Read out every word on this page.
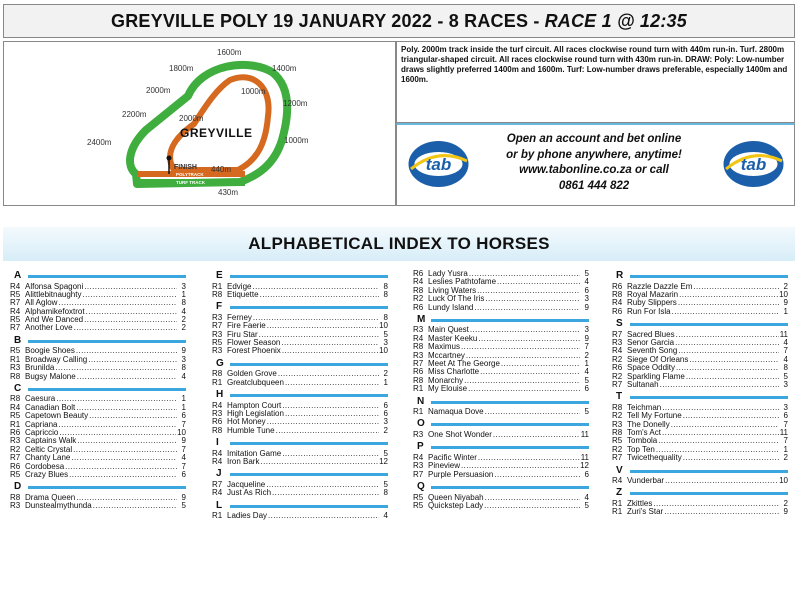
GREYVILLE POLY 19 JANUARY 2022 - 8 RACES - RACE 1 @ 12:35
1600m
1800m	1400m
2000m	1000m
1200m
2000m
2200m
1000m
2400m
GREYVILLE
FINISH 440m
POLYTRACK
TURF TRACK
430m
Poly. 2000m track inside the turf circuit. All races clockwise round turn with 440m run-in. Turf. 2800m triangular-shaped circuit. All races clockwise round turn with 430m run-in. DRAW: Poly: Low-number draws slightly preferred 1400m and 1600m. Turf: Low-number draws preferable, especially 1400m and 1600m.
tab
Open an account and bet online
or by phone anywhere, anytime!
www.tabonline.co.za or call
0861 444 822
tab
ALPHABETICAL INDEX TO HORSES
A
R4 Alfonsa Spagoni .....	3
R5 Alittlebitnaughty .....	1
R7 All Aglow .....	8
R4 Alphamikefoxtrot .....	4
R5 And We Danced .....	2
R7 Another Love .....	2
B
R5 Boogie Shoes .....	9
R1 Broadway Calling .....	3
R3 Brunilda .....	8
R8 Bugsy Malone .....	4
C
R8 Caesura .....	1
R4 Canadian Bolt .....	1
R5 Capetown Beauty .....	6
R1 Capriana .....	7
R6 Capriccio .....	10
R3 Captains Walk .....	9
R2 Celtic Crystal .....	7
R7 Chanty Lane .....	4
R6 Cordobesa .....	7
R5 Crazy Blues .....	6
D
R8 Drama Queen .....	9
R3 Dunstealmythunda .....	5
E
R1 Edvige .....	8
R8 Etiquette .....	8
F
R3 Ferney .....	8
R7 Fire Faerie .....	10
R3 Firu Star .....	5
R5 Flower Season .....	3
R3 Forest Phoenix .....	10
G
R8 Golden Grove .....	2
R1 Greatclubqueen .....	1
H
R4 Hampton Court .....	6
R3 High Legislation .....	6
R6 Hot Money .....	3
R8 Humble Tune .....	2
I
R4 Imitation Game .....	5
R4 Iron Bark .....	12
J
R7 Jacqueline .....	5
R4 Just As Rich .....	8
L
R1 Ladies Day .....	4
R6 Lady Yusra .....	5
R4 Leslies Pathtofame .....	4
R8 Living Waters .....	6
R2 Luck Of The Iris .....	3
R6 Lundy Island .....	9
M
R3 Main Quest .....	3
R4 Master Keeku .....	9
R8 Maximus .....	7
R3 Mccartney .....	2
R7 Meet At The George .....	1
R6 Miss Charlotte .....	4
R8 Monarchy .....	5
R1 My Elouise .....	6
N
R1 Namaqua Dove .....	5
O
R3 One Shot Wonder .....	11
P
R4 Pacific Winter .....	11
R3 Pineview .....	12
R7 Purple Persuasion .....	6
Q
R5 Queen Niyabah .....	4
R5 Quickstep Lady .....	5
R
R6 Razzle Dazzle Em .....	2
R8 Royal Mazarin .....	10
R4 Ruby Slippers .....	9
R6 Run For Isla .....	1
S
R7 Sacred Blues .....	11
R3 Senor Garcia .....	4
R4 Seventh Song .....	7
R2 Siege Of Orleans .....	4
R6 Space Oddity .....	8
R2 Sparkling Flame .....	5
R7 Sultanah .....	3
T
R8 Teichman .....	3
R2 Tell My Fortune .....	6
R3 The Donelly .....	7
R8 Tom's Act .....	11
R5 Tombola .....	7
R2 Top Ten .....	1
R7 Twicethequality .....	2
V
R4 Vunderbar .....	10
Z
R1 Zkittles .....	2
R1 Zuri's Star .....	9
